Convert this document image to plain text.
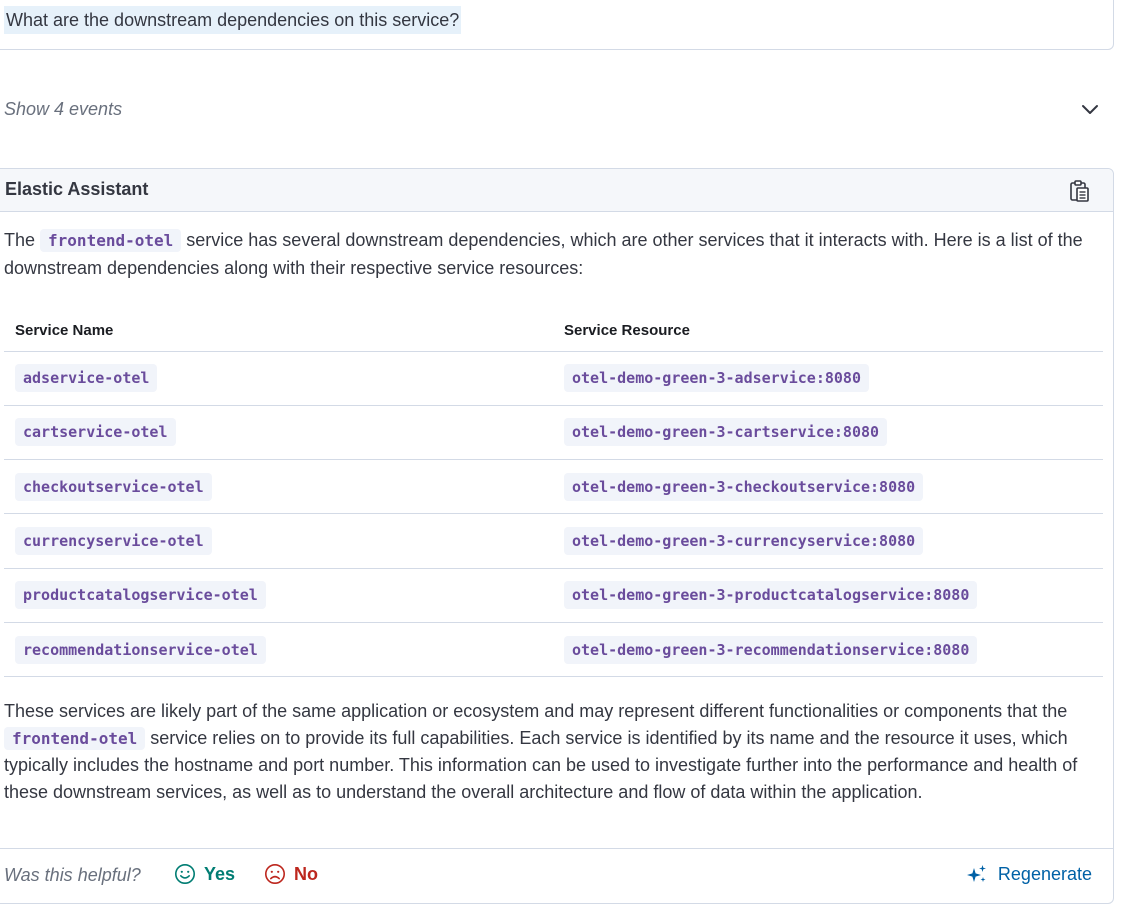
What are the downstream dependencies on this service?
Show 4 events
Elastic Assistant

The frontend-otel service has several downstream dependencies, which are other services that it interacts with. Here is a list of the downstream dependencies along with their respective service resources:

Service Name	Service Resource
adservice-otel	otel-demo-green-3-adservice:8080
cartservice-otel	otel-demo-green-3-cartservice:8080
checkoutservice-otel	otel-demo-green-3-checkoutservice:8080
currencyservice-otel	otel-demo-green-3-currencyservice:8080
productcatalogservice-otel	otel-demo-green-3-productcatalogservice:8080
recommendationservice-otel	otel-demo-green-3-recommendationservice:8080

These services are likely part of the same application or ecosystem and may represent different functionalities or components that the frontend-otel service relies on to provide its full capabilities. Each service is identified by its name and the resource it uses, which typically includes the hostname and port number. This information can be used to investigate further into the performance and health of these downstream services, as well as to understand the overall architecture and flow of data within the application.

Was this helpful?	Yes	No	Regenerate
